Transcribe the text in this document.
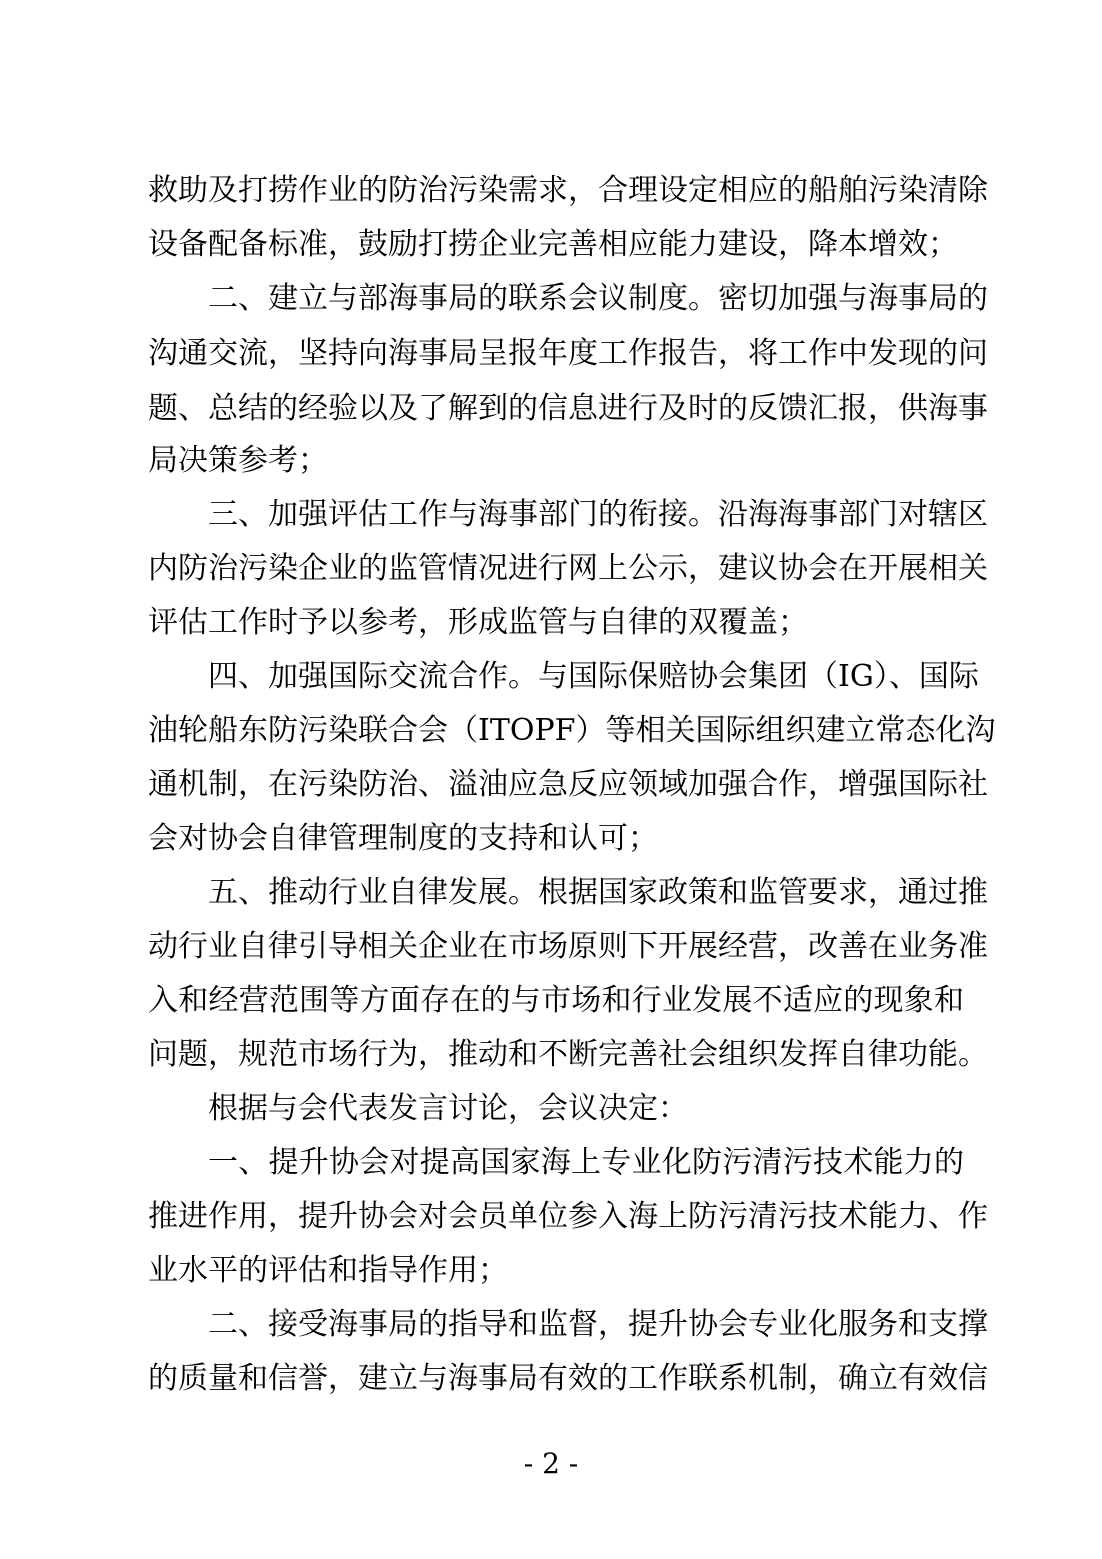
救助及打捞作业的防治污染需求，合理设定相应的船舶污染清除
设备配备标准，鼓励打捞企业完善相应能力建设，降本增效；
二、建立与部海事局的联系会议制度。密切加强与海事局的
沟通交流，坚持向海事局呈报年度工作报告，将工作中发现的问
题、总结的经验以及了解到的信息进行及时的反馈汇报，供海事
局决策参考；
三、加强评估工作与海事部门的衔接。沿海海事部门对辖区
内防治污染企业的监管情况进行网上公示，建议协会在开展相关
评估工作时予以参考，形成监管与自律的双覆盖；
四、加强国际交流合作。与国际保赔协会集团（IG）、国际
油轮船东防污染联合会（ITOPF）等相关国际组织建立常态化沟
通机制，在污染防治、溢油应急反应领域加强合作，增强国际社
会对协会自律管理制度的支持和认可；
五、推动行业自律发展。根据国家政策和监管要求，通过推
动行业自律引导相关企业在市场原则下开展经营，改善在业务准
入和经营范围等方面存在的与市场和行业发展不适应的现象和
问题，规范市场行为，推动和不断完善社会组织发挥自律功能。
根据与会代表发言讨论，会议决定：
一、提升协会对提高国家海上专业化防污清污技术能力的
推进作用，提升协会对会员单位参入海上防污清污技术能力、作
业水平的评估和指导作用；
二、接受海事局的指导和监督，提升协会专业化服务和支撑
的质量和信誉，建立与海事局有效的工作联系机制，确立有效信
- 2 -
